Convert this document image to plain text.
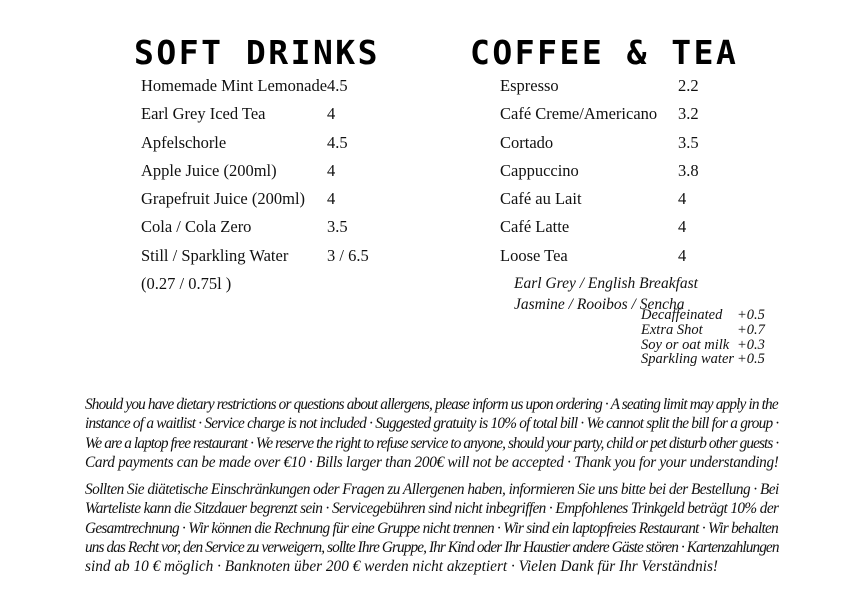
SOFT DRINKS	COFFEE & TEA
Homemade Mint Lemonade 4.5
Earl Grey Iced Tea	4
Apfelschorle	4.5
Apple Juice (200ml)	4
Grapefruit Juice (200ml) 4
Cola / Cola Zero	3.5
Still / Sparkling Water 3 / 6.5
(0.27 / 0.75l )
Espresso	2.2
Café Creme/Americano 3.2
Cortado	3.5
Cappuccino	3.8
Café au Lait	4
Café Latte	4
Loose Tea	4
Earl Grey / English Breakfast
Jasmine / Rooibos / Sencha
Decaffeinated +0.5
Extra Shot +0.7
Soy or oat milk +0.3
Sparkling water +0.5
Should you have dietary restrictions or questions about allergens, please inform us upon ordering · A seating limit may apply in the
instance of a waitlist · Service charge is not included · Suggested gratuity is 10% of total bill · We cannot split the bill for a group ·
We are a laptop free restaurant · We reserve the right to refuse service to anyone, should your party, child or pet disturb other guests ·
Card payments can be made over €10 · Bills larger than 200€ will not be accepted · Thank you for your understanding!
Sollten Sie diätetische Einschränkungen oder Fragen zu Allergenen haben, informieren Sie uns bitte bei der Bestellung · Bei
Warteliste kann die Sitzdauer begrenzt sein · Servicegebühren sind nicht inbegriffen · Empfohlenes Trinkgeld beträgt 10% der
Gesamtrechnung · Wir können die Rechnung für eine Gruppe nicht trennen · Wir sind ein laptopfreies Restaurant · Wir behalten
uns das Recht vor, den Service zu verweigern, sollte Ihre Gruppe, Ihr Kind oder Ihr Haustier andere Gäste stören · Kartenzahlungen
sind ab 10 € möglich · Banknoten über 200 € werden nicht akzeptiert · Vielen Dank für Ihr Verständnis!
